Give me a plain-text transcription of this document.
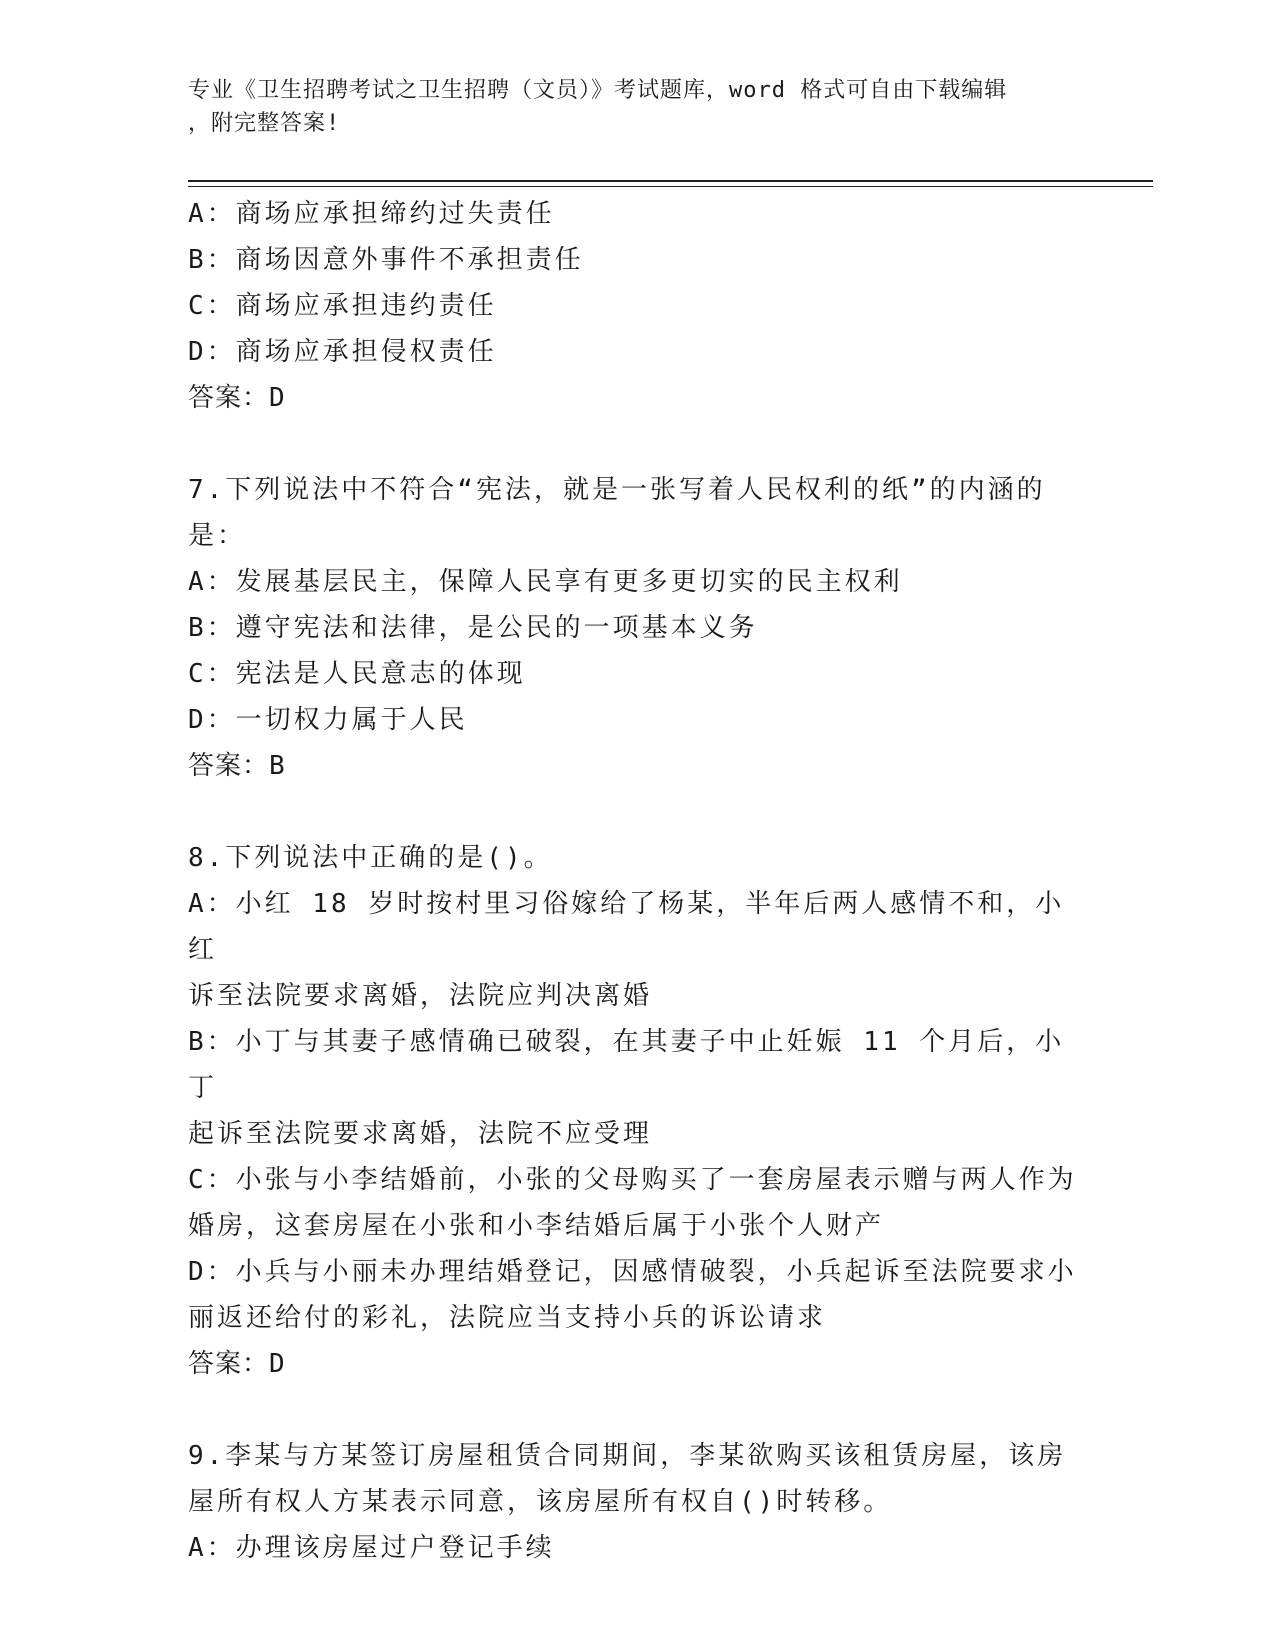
专业《卫生招聘考试之卫生招聘（文员）》考试题库，word 格式可自由下载编辑
，附完整答案!
A：商场应承担缔约过失责任
B：商场因意外事件不承担责任
C：商场应承担违约责任
D：商场应承担侵权责任
答案：D
7.下列说法中不符合“宪法，就是一张写着人民权利的纸”的内涵的
是：
A：发展基层民主，保障人民享有更多更切实的民主权利
B：遵守宪法和法律，是公民的一项基本义务
C：宪法是人民意志的体现
D：一切权力属于人民
答案：B
8.下列说法中正确的是()。
A：小红 18 岁时按村里习俗嫁给了杨某，半年后两人感情不和，小红
诉至法院要求离婚，法院应判决离婚
B：小丁与其妻子感情确已破裂，在其妻子中止妊娠 11 个月后，小丁
起诉至法院要求离婚，法院不应受理
C：小张与小李结婚前，小张的父母购买了一套房屋表示赠与两人作为
婚房，这套房屋在小张和小李结婚后属于小张个人财产
D：小兵与小丽未办理结婚登记，因感情破裂，小兵起诉至法院要求小
丽返还给付的彩礼，法院应当支持小兵的诉讼请求
答案：D
9.李某与方某签订房屋租赁合同期间，李某欲购买该租赁房屋，该房
屋所有权人方某表示同意，该房屋所有权自()时转移。
A：办理该房屋过户登记手续
